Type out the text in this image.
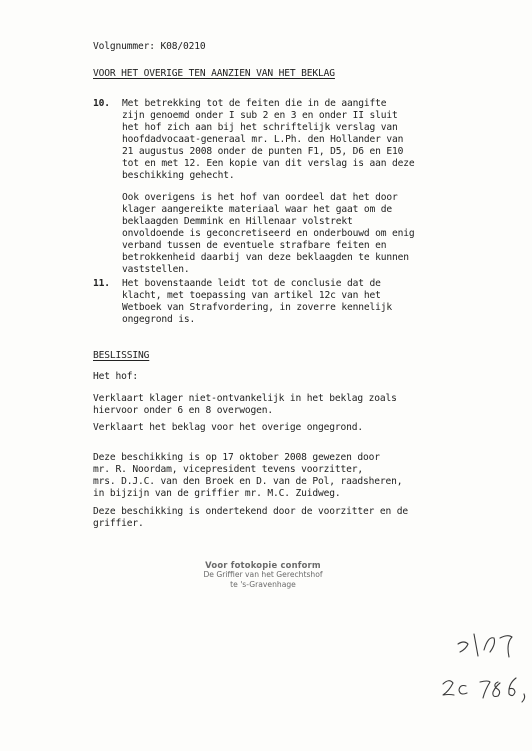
Volgnummer: K08/0210
VOOR HET OVERIGE TEN AANZIEN VAN HET BEKLAG
10. Met betrekking tot de feiten die in de aangifte
zijn genoemd onder I sub 2 en 3 en onder II sluit
het hof zich aan bij het schriftelijk verslag van
hoofdadvocaat-generaal mr. L.Ph. den Hollander van
21 augustus 2008 onder de punten F1, D5, D6 en E10
tot en met 12. Een kopie van dit verslag is aan deze
beschikking gehecht.
Ook overigens is het hof van oordeel dat het door
klager aangereikte materiaal waar het gaat om de
beklaagden Demmink en Hillenaar volstrekt
onvoldoende is geconcretiseerd en onderbouwd om enig
verband tussen de eventuele strafbare feiten en
betrokkenheid daarbij van deze beklaagden te kunnen
vaststellen.
11. Het bovenstaande leidt tot de conclusie dat de
klacht, met toepassing van artikel 12c van het
Wetboek van Strafvordering, in zoverre kennelijk
ongegrond is.
BESLISSING
Het hof:
Verklaart klager niet-ontvankelijk in het beklag zoals
hiervoor onder 6 en 8 overwogen.
Verklaart het beklag voor het overige ongegrond.
Deze beschikking is op 17 oktober 2008 gewezen door
mr. R. Noordam, vicepresident tevens voorzitter,
mrs. D.J.C. van den Broek en D. van de Pol, raadsheren,
in bijzijn van de griffier mr. M.C. Zuidweg.
Deze beschikking is ondertekend door de voorzitter en de
griffier.
Voor fotokopie conform
De Griffier van het Gerechtshof
te 's-Gravenhage
